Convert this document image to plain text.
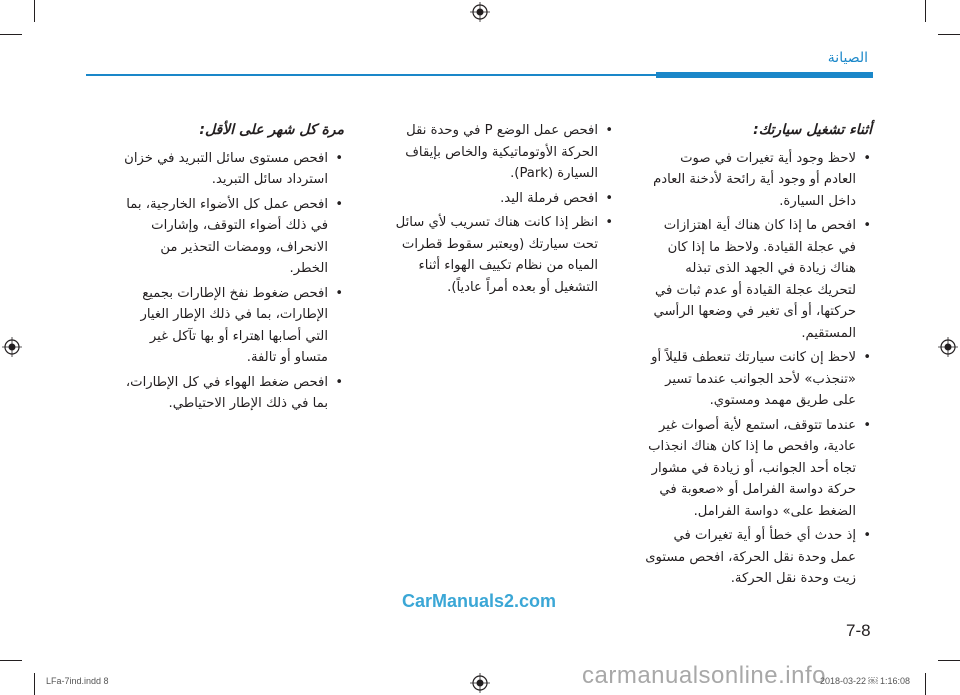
الصيانة
أثناء تشغيل سيارتك:
• لاحظ وجود أية تغيرات في صوت العادم أو وجود أية رائحة لأدخنة العادم داخل السيارة.
• افحص ما إذا كان هناك أية اهتزازات في عجلة القيادة. ولاحظ ما إذا كان هناك زيادة في الجهد الذى تبذله لتحريك عجلة القيادة أو عدم ثبات في حركتها، أو أى تغير في وضعها الرأسي المستقيم.
• لاحظ إن كانت سيارتك تنعطف قليلاً أو «تنجذب» لأحد الجوانب عندما تسير على طريق مهمد ومستوي.
• عندما تتوقف، استمع لأية أصوات غير عادية، وافحص ما إذا كان هناك انجذاب تجاه أحد الجوانب، أو زيادة في مشوار حركة دواسة الفرامل أو «صعوبة في الضغط على» دواسة الفرامل.
• إذ حدث أي خطأ أو أية تغيرات في عمل وحدة نقل الحركة، افحص مستوى زيت وحدة نقل الحركة.
• افحص عمل الوضع P في وحدة نقل الحركة الأوتوماتيكية والخاص بإيقاف السيارة (Park).
• افحص فرملة اليد.
• انظر إذا كانت هناك تسريب لأي سائل تحت سيارتك (ويعتبر سقوط قطرات المياه من نظام تكييف الهواء أثناء التشغيل أو بعده أمراً عادياً).
مرة كل شهر على الأقل:
• افحص مستوى سائل التبريد في خزان استرداد سائل التبريد.
• افحص عمل كل الأضواء الخارجية، بما في ذلك أضواء التوقف، وإشارات الانحراف، وومضات التحذير من الخطر.
• افحص ضغوط نفخ الإطارات بجميع الإطارات، بما في ذلك الإطار الغيار التي أصابها اهتراء أو بها تآكل غير متساو أو تالفة.
• افحص ضغط الهواء في كل الإطارات، بما في ذلك الإطار الاحتياطي.
CarManuals2.com
7-8
LFa-7ind.indd 8	carmanualsonline.info
2018-03-22 ￼ 1:16:08
